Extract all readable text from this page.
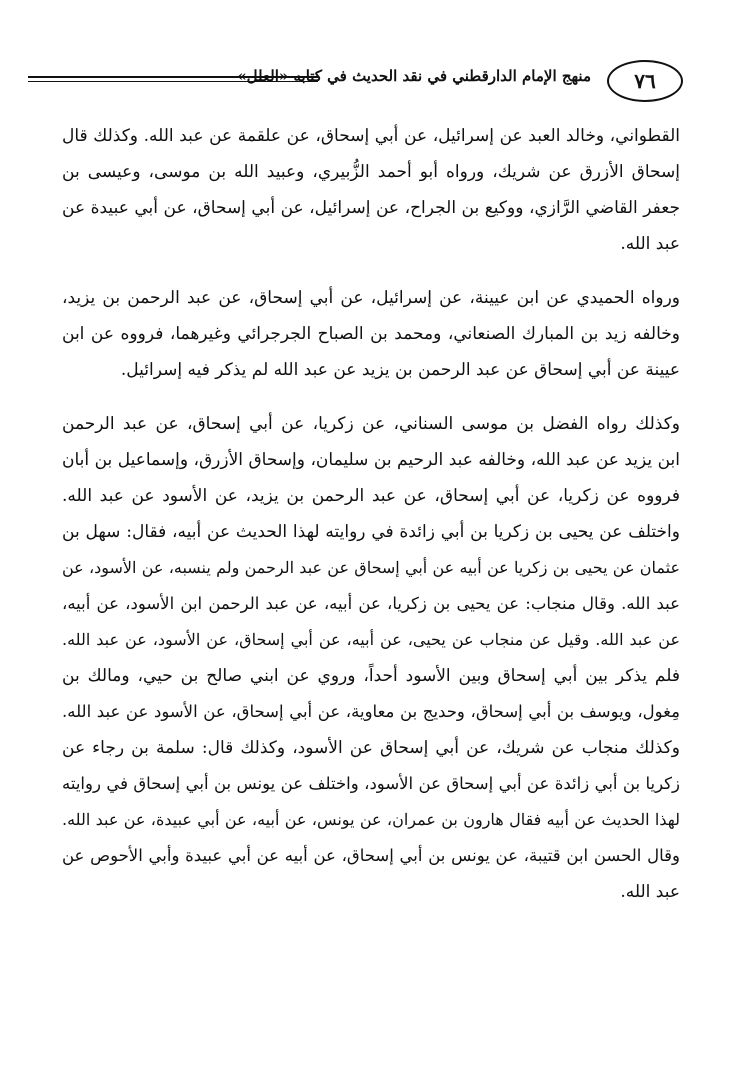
٧٦
منهج الإمام الدارقطني في نقد الحديث في كتابه «العلل»
القطواني، وخالد العبد عن إسرائيل، عن أبي إسحاق، عن علقمة عن عبد الله. وكذلك قال
إسحاق الأزرق عن شريك، ورواه أبو أحمد الزُّبيري، وعبيد الله بن موسى، وعيسى بن
جعفر القاضي الرَّازي، ووكيع بن الجراح، عن إسرائيل، عن أبي إسحاق، عن أبي عبيدة عن
عبد الله.
ورواه الحميدي عن ابن عيينة، عن إسرائيل، عن أبي إسحاق، عن عبد الرحمن بن يزيد،
وخالفه زيد بن المبارك الصنعاني، ومحمد بن الصباح الجرجرائي وغيرهما، فرووه عن ابن
عيينة عن أبي إسحاق عن عبد الرحمن بن يزيد عن عبد الله لم يذكر فيه إسرائيل.
وكذلك رواه الفضل بن موسى السناني، عن زكريا، عن أبي إسحاق، عن عبد الرحمن
ابن يزيد عن عبد الله، وخالفه عبد الرحيم بن سليمان، وإسحاق الأزرق، وإسماعيل بن أبان
فرووه عن زكريا، عن أبي إسحاق، عن عبد الرحمن بن يزيد، عن الأسود عن عبد الله.
واختلف عن يحيى بن زكريا بن أبي زائدة في روايته لهذا الحديث عن أبيه، فقال: سهل بن
عثمان عن يحيى بن زكريا عن أبيه عن أبي إسحاق عن عبد الرحمن ولم ينسبه، عن الأسود، عن
عبد الله. وقال منجاب: عن يحيى بن زكريا، عن أبيه، عن عبد الرحمن ابن الأسود، عن أبيه،
عن عبد الله. وقيل عن منجاب عن يحيى، عن أبيه، عن أبي إسحاق، عن الأسود، عن عبد الله.
فلم يذكر بين أبي إسحاق وبين الأسود أحداً، وروي عن ابني صالح بن حيي، ومالك بن
مِغول، ويوسف بن أبي إسحاق، وحديج بن معاوية، عن أبي إسحاق، عن الأسود عن عبد الله.
وكذلك منجاب عن شريك، عن أبي إسحاق عن الأسود، وكذلك قال: سلمة بن رجاء عن
زكريا بن أبي زائدة عن أبي إسحاق عن الأسود، واختلف عن يونس بن أبي إسحاق في روايته
لهذا الحديث عن أبيه فقال هارون بن عمران، عن يونس، عن أبيه، عن أبي عبيدة، عن عبد الله.
وقال الحسن ابن قتيبة، عن يونس بن أبي إسحاق، عن أبيه عن أبي عبيدة وأبي الأحوص عن
عبد الله.
